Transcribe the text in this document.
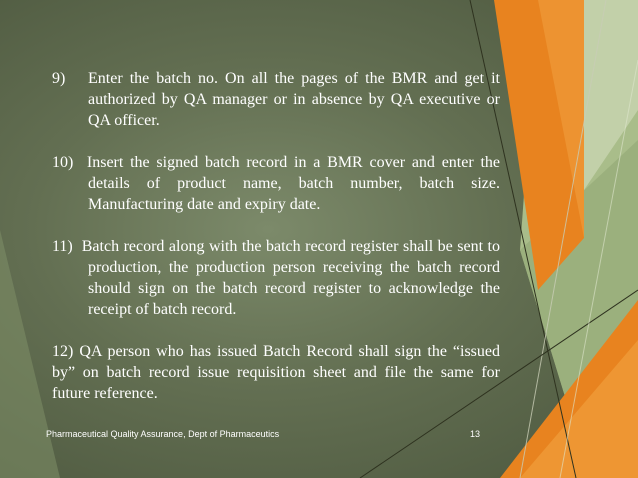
9) Enter the batch no. On all the pages of the BMR and get it authorized by QA manager or in absence by QA executive or QA officer.
10) Insert the signed batch record in a BMR cover and enter the details of product name, batch number, batch size. Manufacturing date and expiry date.
11) Batch record along with the batch record register shall be sent to production, the production person receiving the batch record should sign on the batch record register to acknowledge the receipt of batch record.
12) QA person who has issued Batch Record shall sign the “issued by” on batch record issue requisition sheet and file the same for future reference.
Pharmaceutical Quality Assurance, Dept of Pharmaceutics	13
